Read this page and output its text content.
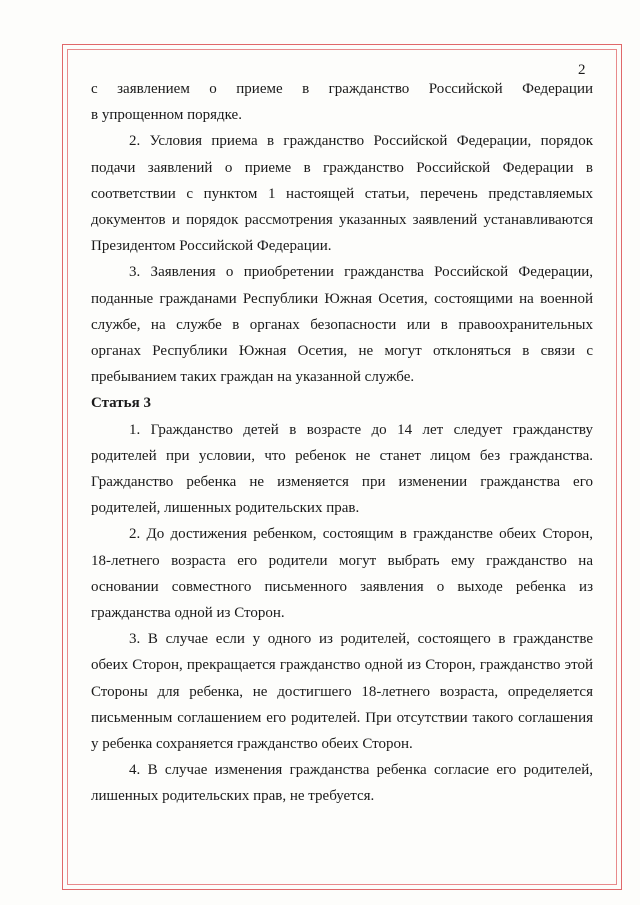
2
с заявлением о приеме в гражданство Российской Федерации

в упрощенном порядке.

2. Условия приема в гражданство Российской Федерации, порядок подачи заявлений о приеме в гражданство Российской Федерации в соответствии с пунктом 1 настоящей статьи, перечень представляемых документов и порядок рассмотрения указанных заявлений устанавливаются Президентом Российской Федерации.

3. Заявления о приобретении гражданства Российской Федерации, поданные гражданами Республики Южная Осетия, состоящими на военной службе, на службе в органах безопасности или в правоохранительных органах Республики Южная Осетия, не могут отклоняться в связи с пребыванием таких граждан на указанной службе.

Статья 3

1. Гражданство детей в возрасте до 14 лет следует гражданству родителей при условии, что ребенок не станет лицом без гражданства. Гражданство ребенка не изменяется при изменении гражданства его родителей, лишенных родительских прав.

2. До достижения ребенком, состоящим в гражданстве обеих Сторон, 18-летнего возраста его родители могут выбрать ему гражданство на основании совместного письменного заявления о выходе ребенка из гражданства одной из Сторон.

3. В случае если у одного из родителей, состоящего в гражданстве обеих Сторон, прекращается гражданство одной из Сторон, гражданство этой Стороны для ребенка, не достигшего 18-летнего возраста, определяется письменным соглашением его родителей. При отсутствии такого соглашения у ребенка сохраняется гражданство обеих Сторон.

4. В случае изменения гражданства ребенка согласие его родителей, лишенных родительских прав, не требуется.
